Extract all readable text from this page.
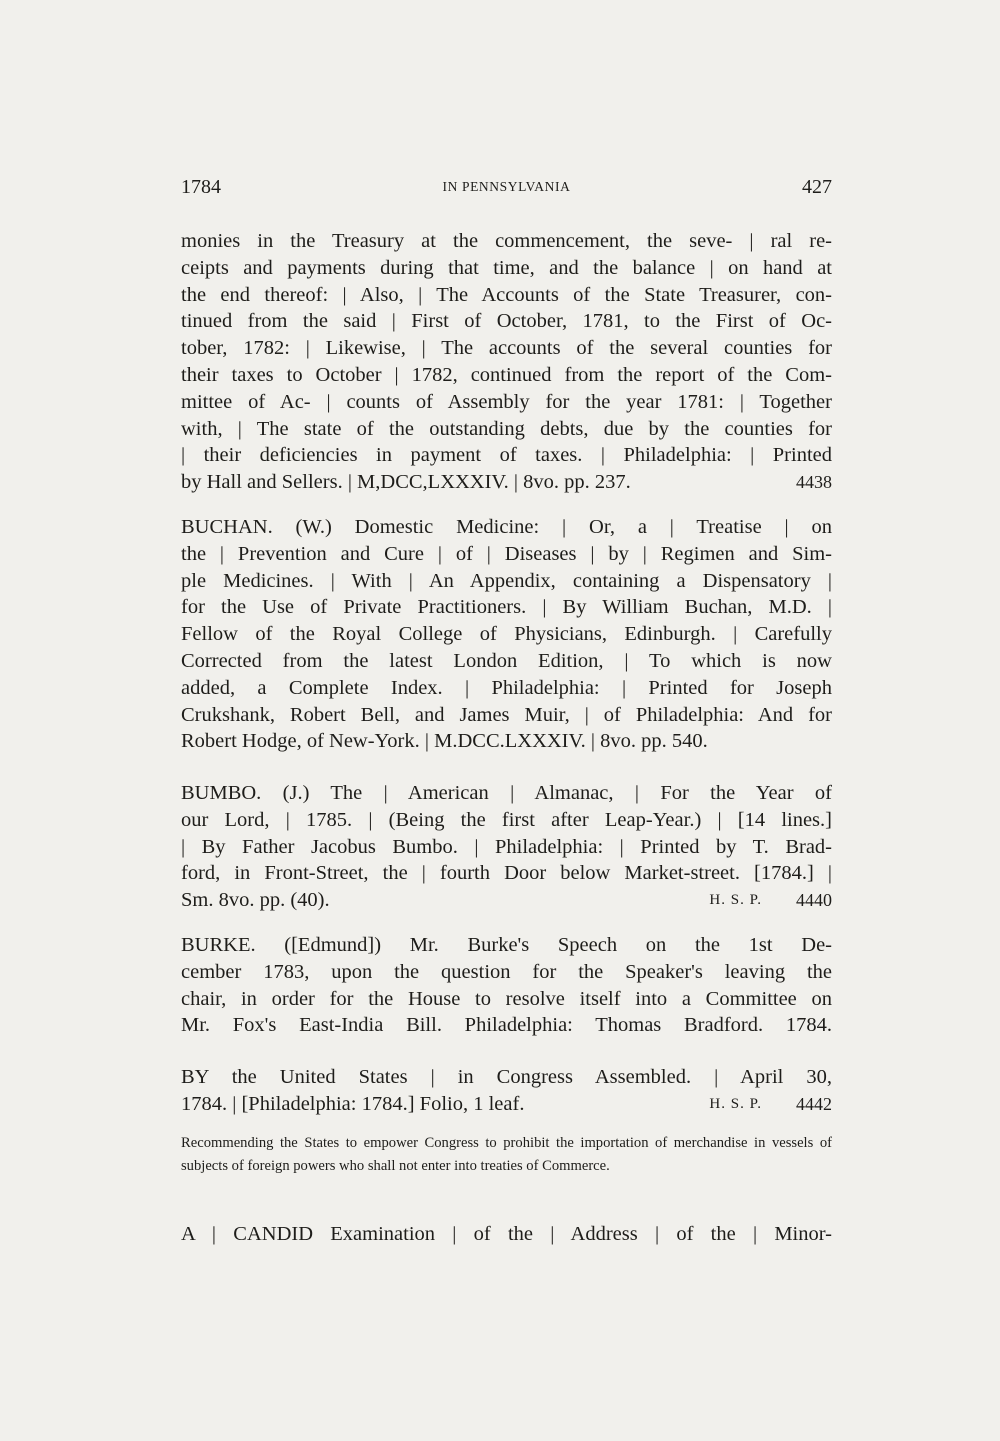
1784	IN PENNSYLVANIA	427
monies in the Treasury at the commencement, the seve- | ral re-
ceipts and payments during that time, and the balance | on hand at
the end thereof: | Also, | The Accounts of the State Treasurer, con-
tinued from the said | First of October, 1781, to the First of Oc-
tober, 1782: | Likewise, | The accounts of the several counties for
their taxes to October | 1782, continued from the report of the Com-
mittee of Ac- | counts of Assembly for the year 1781: | Together
with, | The state of the outstanding debts, due by the counties for
| their deficiencies in payment of taxes. | Philadelphia: | Printed
by Hall and Sellers. | M,DCC,LXXXIV. | 8vo. pp. 237.	4438
BUCHAN. (W.) Domestic Medicine: | Or, a | Treatise | on
the | Prevention and Cure | of | Diseases | by | Regimen and Sim-
ple Medicines. | With | An Appendix, containing a Dispensatory |
for the Use of Private Practitioners. | By William Buchan, M.D. |
Fellow of the Royal College of Physicians, Edinburgh. | Carefully
Corrected from the latest London Edition, | To which is now
added, a Complete Index. | Philadelphia: | Printed for Joseph
Crukshank, Robert Bell, and James Muir, | of Philadelphia: And for
Robert Hodge, of New-York. | M.DCC.LXXXIV. | 8vo. pp. 540.
BUMBO. (J.) The | American | Almanac, | For the Year of
our Lord, | 1785. | (Being the first after Leap-Year.) | [14 lines.]
| By Father Jacobus Bumbo. | Philadelphia: | Printed by T. Brad-
ford, in Front-Street, the | fourth Door below Market-street. [1784.] |
Sm. 8vo. pp. (40).	H. S. P. 4440
BURKE. ([Edmund]) Mr. Burke's Speech on the 1st De-
cember 1783, upon the question for the Speaker's leaving the
chair, in order for the House to resolve itself into a Committee on
Mr. Fox's East-India Bill. Philadelphia: Thomas Bradford. 1784.
BY the United States | in Congress Assembled. | April 30,
1784. | [Philadelphia: 1784.] Folio, 1 leaf.	H. S. P. 4442
Recommending the States to empower Congress to prohibit the importation of merchandise in vessels of subjects of foreign powers who shall not enter into treaties of Commerce.
A | CANDID Examination | of the | Address | of the | Minor-
